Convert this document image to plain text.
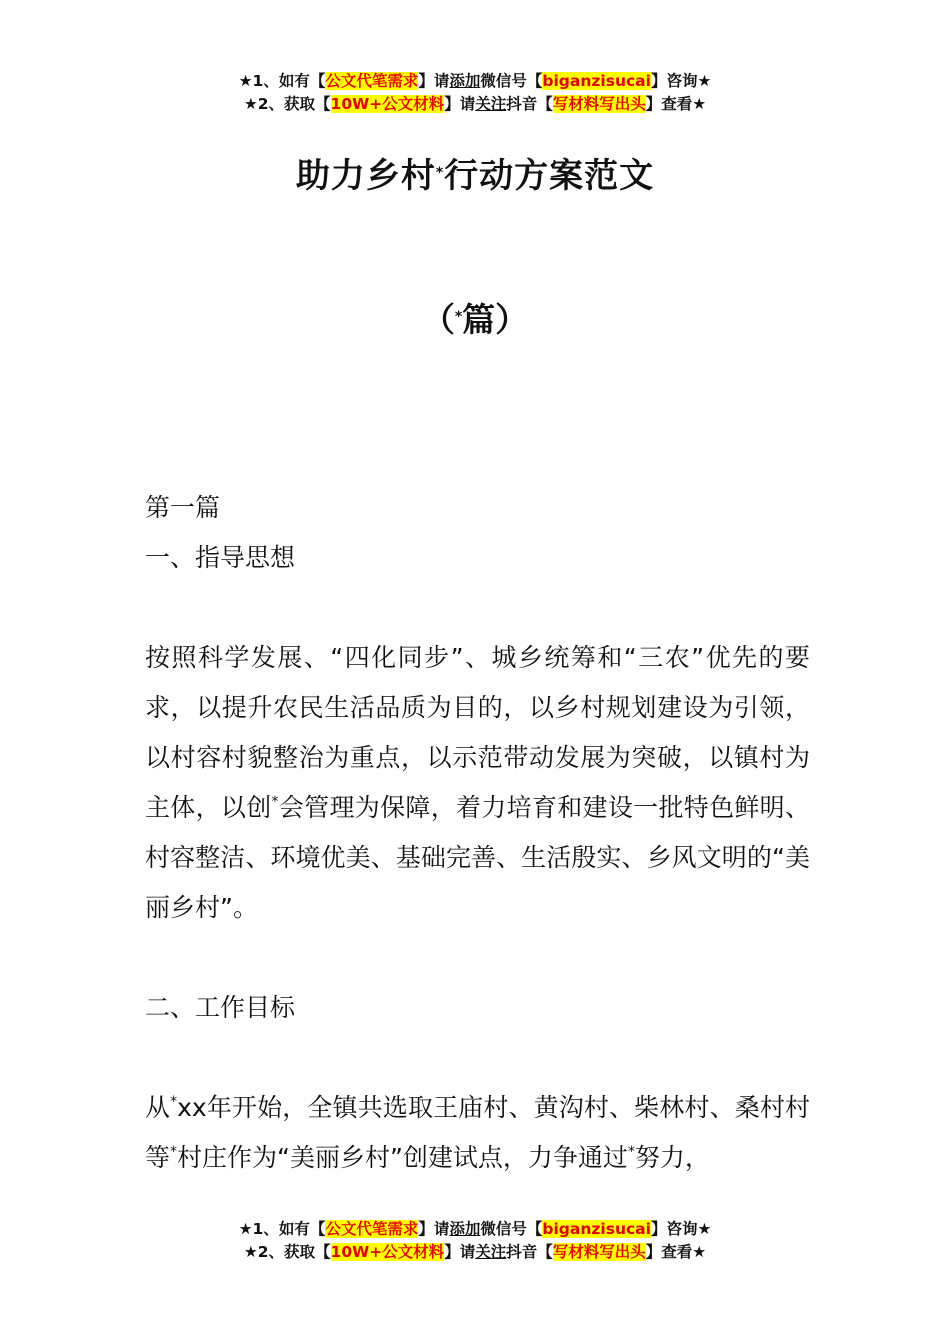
★1、如有【公文代笔需求】请添加微信号【biganzisucai】咨询★
★2、获取【10W+公文材料】请关注抖音【写材料写出头】查看★
助力乡村*行动方案范文
（*篇）

第一篇

一、指导思想

按照科学发展、“四化同步”、城乡统筹和“三农”优先的要求，以提升农民生活品质为目的，以乡村规划建设为引领，以村容村貌整治为重点，以示范带动发展为突破，以镇村为主体，以创*会管理为保障，着力培育和建设一批特色鲜明、村容整洁、环境优美、基础完善、生活殷实、乡风文明的“美丽乡村”。

二、工作目标

从*xx年开始，全镇共选取王庙村、黄沟村、柴林村、桑村村等*村庄作为“美丽乡村”创建试点，力争通过*努力，

★1、如有【公文代笔需求】请添加微信号【biganzisucai】咨询★
★2、获取【10W+公文材料】请关注抖音【写材料写出头】查看★
